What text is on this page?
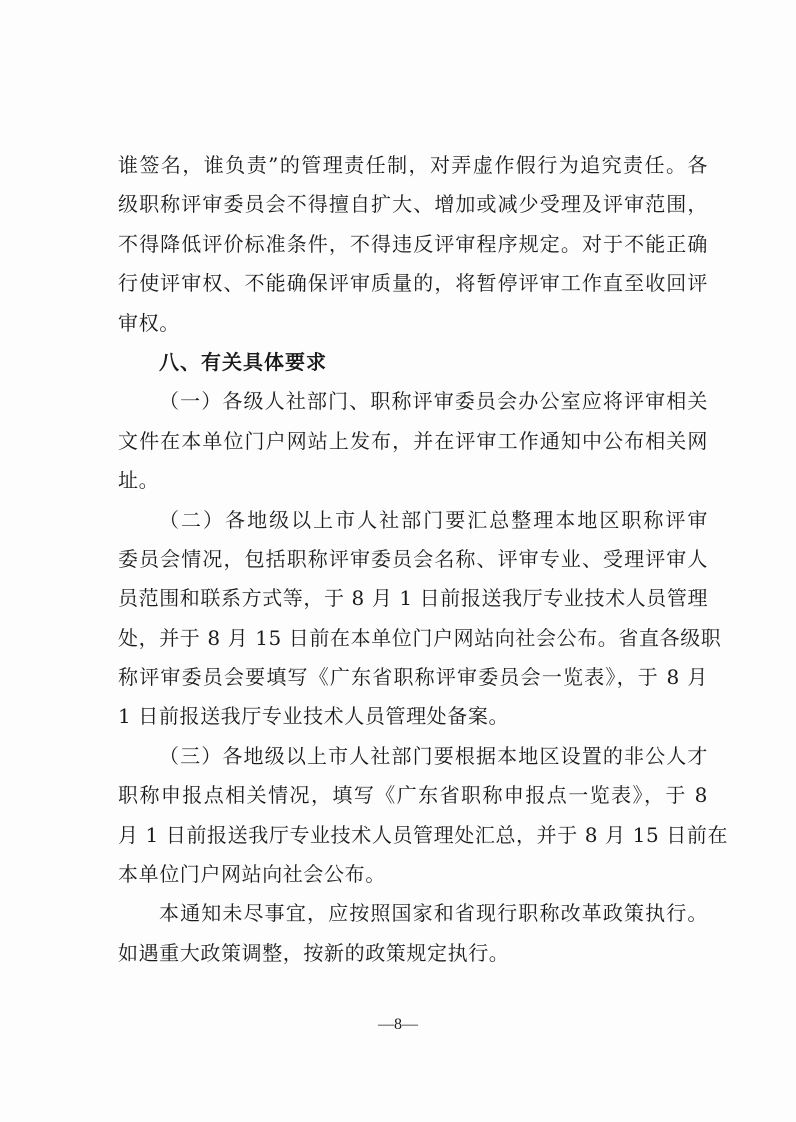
谁签名，谁负责”的管理责任制，对弄虚作假行为追究责任。各
级职称评审委员会不得擅自扩大、增加或减少受理及评审范围，
不得降低评价标准条件，不得违反评审程序规定。对于不能正确
行使评审权、不能确保评审质量的，将暂停评审工作直至收回评
审权。
八、有关具体要求
（一）各级人社部门、职称评审委员会办公室应将评审相关
文件在本单位门户网站上发布，并在评审工作通知中公布相关网
址。
（二）各地级以上市人社部门要汇总整理本地区职称评审
委员会情况，包括职称评审委员会名称、评审专业、受理评审人
员范围和联系方式等，于 8 月 1 日前报送我厅专业技术人员管理
处，并于 8 月 15 日前在本单位门户网站向社会公布。省直各级职
称评审委员会要填写《广东省职称评审委员会一览表》，于 8 月
1 日前报送我厅专业技术人员管理处备案。
（三）各地级以上市人社部门要根据本地区设置的非公人才
职称申报点相关情况，填写《广东省职称申报点一览表》，于 8
月 1 日前报送我厅专业技术人员管理处汇总，并于 8 月 15 日前在
本单位门户网站向社会公布。
本通知未尽事宜，应按照国家和省现行职称改革政策执行。
如遇重大政策调整，按新的政策规定执行。
—8—
